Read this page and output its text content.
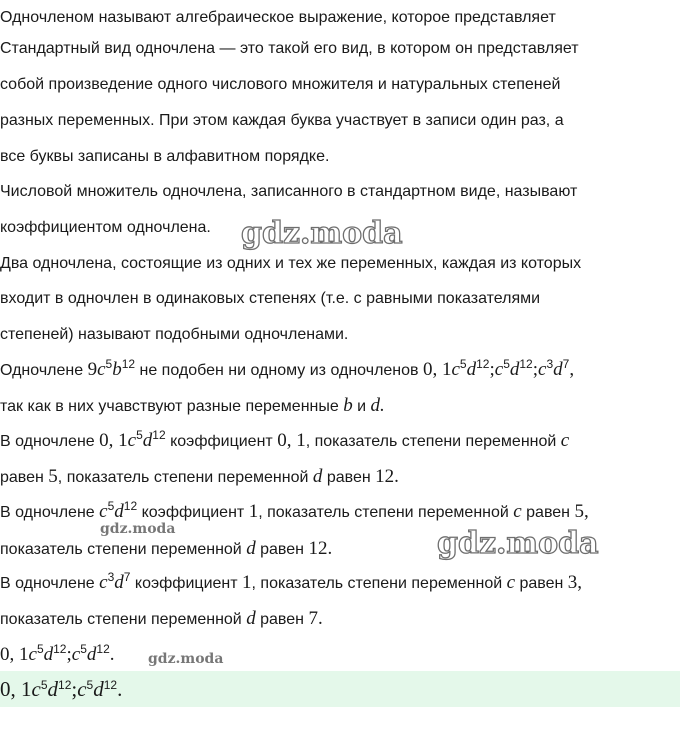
Одночленом называют алгебраическое выражение, которое представляет
Стандартный вид одночлена — это такой его вид, в котором он представляет
собой произведение одного числового множителя и натуральных степеней
разных переменных. При этом каждая буква участвует в записи один раз, а
все буквы записаны в алфавитном порядке.
Числовой множитель одночлена, записанного в стандартном виде, называют
коэффициентом одночлена.
Два одночлена, состоящие из одних и тех же переменных, каждая из которых
входит в одночлен в одинаковых степенях (т.е. с равными показателями
степеней) называют подобными одночленами.
Одночлене $9c^5b^{12}$ не подобен ни одному из одночленов 0, $1c^5d^{12};c^5d^{12};c^3d^7$,
так как в них учавствуют разные переменные b и d.
В одночлене 0, $1c^5d^{12}$ коэффициент 0, 1, показатель степени переменной c
равен 5, показатель степени переменной d равен 12.
В одночлене $c^5d^{12}$ коэффициент 1, показатель степени переменной c равен 5,
показатель степени переменной d равен 12.
В одночлене $c^3d^7$ коэффициент 1, показатель степени переменной c равен 3,
показатель степени переменной d равен 7.
0, $1c^5d^{12};c^5d^{12}$.
0, $1c^5d^{12};c^5d^{12}$.
gdz.moda
gdz.moda
gdz.moda
gdz.moda
